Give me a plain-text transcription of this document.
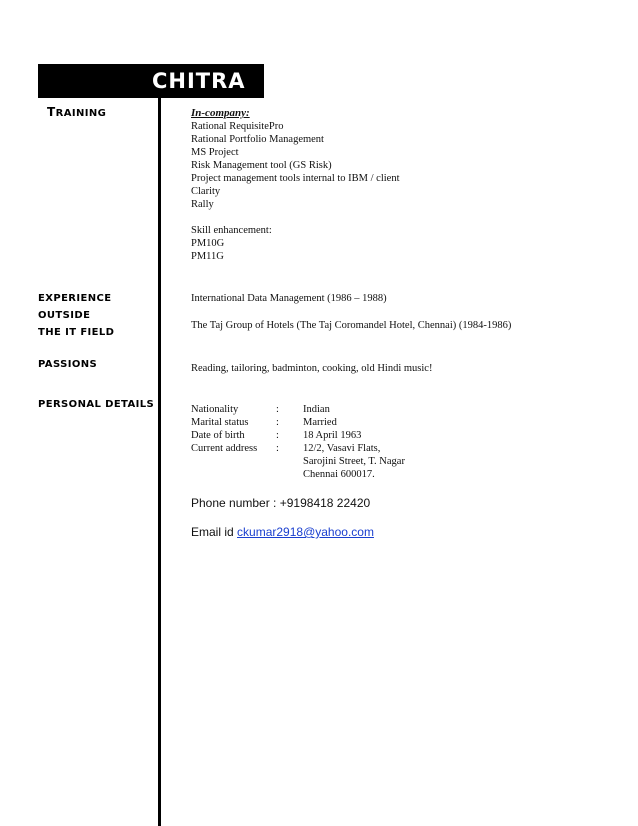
CHITRA
TRAINING
EXPERIENCE OUTSIDE
THE IT FIELD
PASSIONS
PERSONAL DETAILS
In-company:
Rational RequisitePro
Rational Portfolio Management
MS Project
Risk Management tool (GS Risk)
Project management tools internal to IBM / client
Clarity
Rally
Skill enhancement:
PM10G
PM11G
International Data Management (1986 – 1988)
The Taj Group of Hotels (The Taj Coromandel Hotel, Chennai) (1984-1986)
Reading, tailoring, badminton, cooking, old Hindi music!
Nationality	:	Indian
Marital status	:	Married
Date of birth	:	18 April 1963
Current address	:	12/2, Vasavi Flats,
Sarojini Street, T. Nagar
Chennai 600017.
Phone number : +9198418 22420
Email id ckumar2918@yahoo.com
